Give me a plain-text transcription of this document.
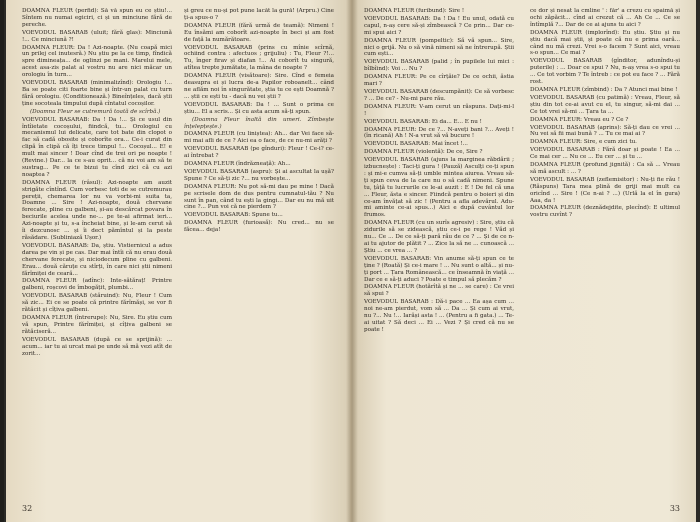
DOAMNA FLEUR (perfid): Să vă spun eu ce știu!... Sîntem nu numai egiciri, ci și un minciune fără de pereche.

VOEVODUL BASARAB (uluit; fără glas): Minciună !... Ce minciună ?!

DOAMNA FLEUR: Da ! Azi-noapte. (Nu coapă mici un prilej cel inutesră.) Nu știu pe la ce timp, fîndică spre dimineața... de oglinzi pe mani. Marelui mele, acest asa-zis palat al vostru nu are nici măcar un orologiu în turn...

VOEVODUL BASARAB (minimalizînd): Orologiu !... Ba se poate citi foarte bine și într-un palat cu turn fără orologiu. (Conditionează.) Bineînțeles, dacă știi ține socoteala timpului după cîntatul cocoșilor.

(Doamna Fleur se cutremură toată de scîrbă.)

VOEVODUL BASARAB: Da ! Da !... Și ce usul din întîietate cocoșului, fiindcă, tu... Orologiul cu mecanismul lui delicate, care tot bate din clopot o fac să cadă obosite și coborîte ora... Ce-i curat din clipă în clipă că îți trece timpul !... Cocoșul... E! e mult mai sincer ! Doar cînd de trei ori pe noapte ! (Revine.) Dar... la ce s-au oprit... că nu voi am să te sustrag... Pe ce te bizui tu cînd zici că cu azi noaptea ?

DOAMNA FLEUR (râsul): Azi-noapte am auzit strigăte cîntînd. Cum vorbesc toti de se cutremurau pereții, chemarea lor nu va vorbi-mi suita ta, Doamne ... Sire ! Azi-noapte, două chervane ferecate, pline cu galbeni, și-au descărcat povara în beciurile acelea unde ne-... pe te-ai afirmat ieri... Azi-noapte și tu, s-a încheiat bine, și le-am cerut să îi dezcunosc ... și îi dect pămîntul și la peste răsădare. (Subliniază Ușor.)

VOEVODUL BASARAB: Da, știu. Vistiernicul a adus darea pe vin și pe cas. Dar mai întîi că nu erau două chervane ferecate, și niciodecum pline cu galbeni. Erau... două căruțe cu stîrți, în care nici știi nimeni fărîmiței de ceară...

DOAMNA FLEUR (adînc): Inte-sătăraț! Printre galbeni, roșcovi de îmbogățit, plumbi...

VOEVODUL BASARAB (stăruind): Nu, Fleur ! Cum să zic... Ei ce se poate că printre fărîmăși, se vor fi rătăcit și cîțiva galbeni.

DOAMNA FLEUR (întrerupe): Nu, Sire. Eu știu cum vă spun, Printre fărîmiței, și cîțiva galbeni se rătăciseră...

VOEVODUL BASARAB (după ce se sprijină): ... acum... iar tu ai urcat mai pe unde să mă vezi atît de zorit...

și greu ce nu-și pot pune lacăt la gură! (Arpru.) Cine ți-a spus-o ?

DOAMNA FLEUR (fără urmă de teamă): Nimeni ! Eu însămi am coborît azi-noapte în beci și am fost de față la numărătoare.

VOEVODUL BASARAB (prins cu mînie scîrnă, ochiind contra : afectuos ; grijuliu) : Tu, Fleur ?!... Tu, înger firav și diafan !... Ai coborît tu singură, atîtea trepte jumătate, la mâna de noapte ?

DOAMNA FLEUR (visătoare): Sire. Cînd e femeia deasupra ei și lucra de-a Papilor roboanelt... când ne aflăm noi în singurătate, știa tu ce ești Doamnă ? ... știi ce ești tu - dacă nu vei știi ?

VOEVODUL BASARAB: Da ! ... Sunt o prima ce știu... El a scris... Și cu asta acum să-ți spun.

(Doamna Fleur înaltă din umeri. Zîmbește înțelepțește.)

DOAMNA FLEUR (cu liniștea): Ah... dar Vei face să-mi mai afli de ce ? Aici ea o face, de ce nu-mi arăți ?

VOEVODUL BASARAB (pe gînduri): Fleur ! Ce-i? ce-ai întrebat ?

DOAMNA FLEUR (îndrăzneață): Ah...

VOEVODUL BASARAB (aspru): Și ai ascultat la ușă? Spune ? Ce să-ți zic ?... nu vorbește...

DOAMNA FLEUR: Nu pot să-mi dau pe mine ! Dacă pe scrisele dom de dus pentru cumnatul-tău ? Nu sunt în pan, când tu ești la gingi... Dar eu nu mă uit cine ?... Pun voi că ne pierdem ?

VOEVODUL BASARAB: Spune tu...

DOAMNA FLEUR (furioasă): Nu cred... nu se făcea... deja!

32

DOAMNA FLEUR (furibund): Sire !

VOEVODUL BASARAB: Da ! Da ! Eu unul, odată cu capul, n-aș cere să-și zîmbească ? Ce prin... Dar ce-mi spui aici ?

DOAMNA FLEUR (pompeltic): Să vă spun... Sire, nici o grijă. Nu o să vină nimeni să ne întrerupă. Știi cum ești...

VOEVODUL BASARAB (palid ; în pupilele lui mici : bîlbîind): Voi ... Nu ?

DOAMNA FLEUR: Pe ce cîrțăie? De ce ochii, ăstia mari ?

VOEVODUL BASARAB (descumpănit): Ce să vorbesc ? ... De ce? - Nu-mi pare rău.

DOAMNA FLEUR: V-am cerut un răspuns. Dați-mi-l !

VOEVODUL BASARAB: Ei da... E... E nu !

DOAMNA FLEUR: De ce ?... N-aveți bani ?... Aveți ! (în ricană) Ah ! N-a vrut să vă bucure !

VOEVODUL BASARAB: Mai încet !...

DOAMNA FLEUR (violentă): De ce, Sire ?

VOEVODUL BASARAB (ajuns la marginea răbdării ; izbucnește) : Taci-ți gura ! (Pauză) Asculți ce-ți spun : și mi-e cumva să-ți umble mintea aiurea. Vreau să-ți spun ceva de la care nu o să cadă nimeni. Spune tu, țâță tu lucrurile ce le-ai auzit : E ! De fel că una ... Fleur, ăsta e sincer. Fiindcă pentru o boieri și din ce-am învățat să zic ! (Pentru a afla adevărul. Adu-mi aminte ce-ai spus...) Aici e după cuvântul lor frumos.

DOAMNA FLEUR (cu un surîs agresiv) : Sire, știu că zidurile să se zidească, știu ce-i pe rege ! Văd și nu... Ce ... De ce să-ți pară rău de ce ? ... Și de ce n-ai tu ajutor de plătit ? ... Zice la să ne ... cunoască ... Știu ... ce vrea ... ?

VOEVODUL BASARAB: Vin anume să-ți spun ce te ține ? (Roată) Și ce-i mare ! ... Nu sunt o altă... și nu-ți port ... Țara Românească... ce înseamnă în viață ... Dar ce e să-ți aduci ? Poate e timpul să plecăm ?

DOAMNA FLEUR (hotărîtă și ne ... se care) : Ce vrei să spui ?

VOEVODUL BASARAB : Dă-i pace ... Ea așa cum ... noi ne-am pierdut, vom să ... Da ... Și cum ai vrut, nu ?... Nu !... Iarăși asta ! ... (Pentru a fi gata.) ... Te-ai uitat ? Să deci ... Ei ... Vezi ? Și cred că nu se poate !

ce dor și nesat la cmline ' : făr' a crezu cu spaimă și ochi zăpăcit... cînd ai crezut că ... Ah Ce ... Ce se întîmplă ?... Dar de ce ai ajuns tu aici ?

DOAMNA FLEUR (implorînd): Eu știu. Știu și nu știu dacă mai știi, și poate că nu e prima oară... când nu mă crezi. Vrei s-o facem ? Sunt aici, vreau s-o spun... Ce mai ?

VOEVODUL BASARAB (gînditor, adunîndu-și puterile) : ... Doar ce spui ? Nu, n-aș vrea s-o spui tu ... Ce tot vorbim ? Te întreb : ce pot eu face ? ... Fără rost.

DOAMNA FLEUR (zîmbind) : Da ? Atunci mai bine !

VOEVODUL BASARAB (cu patimă) : Vreau, Fleur, să știu din tot ce-ai avut cu el, tu singur, să-mi dai ... Ce tot vrei să-mi ... Țara ta ...

DOAMNA FLEUR: Vreau eu ? Ce ?

VOEVODUL BASARAB (aprins): Să-ți dau ce vrei ... Nu vei să fii mai bună ? ... Tu ce mai ai ?

DOAMNA FLEUR: Sire, e cum zici tu.

VOEVODUL BASARAB : Fără doar și poate ! Ea ... Ce mai cer ... Nu ce ... Eu cer ... și tu ...

DOAMNA FLEUR (profund jignită) : Ca să ... Vreau să mă ascult : ... ?

VOEVODUL BASARAB (zeflemisitor) : Nu-ți fie rău ! (Răspuns) Tara mea plină de griji mai mult ca oricînd ... Sire ! (Ce n-ai ? ...) (Urlă la el în gura) Aaa, da !

DOAMNA FLEUR (deznădejdite, plecînd): E ultimul vostru cuvînt ?

33
